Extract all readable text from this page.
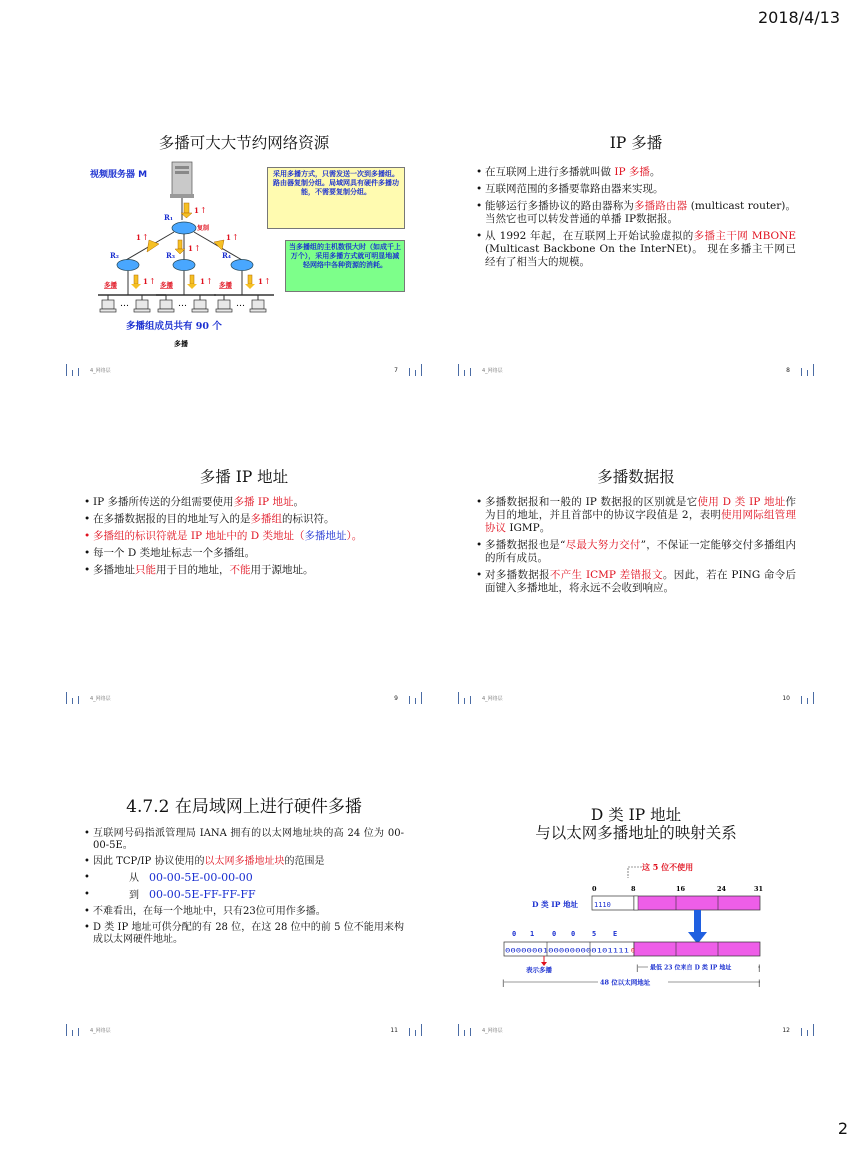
2018/4/13
多播可大大节约网络资源
视频服务器 M
R₁
复制
1 ↑
1 ↑
1 ↑
1 ↑
R₂	R₃	R₄
1 ↑	1 ↑	1 ↑
多播	多播	多播
…	…	…
多播组成员共有 90 个
多播
采用多播方式，只需发送一次到多播组。路由器复制分组。局域网具有硬件多播功能，不需要复制分组。
当多播组的主机数很大时（如成千上万个），采用多播方式就可明显地减轻网络中各种资源的消耗。
4_网络层	7
IP 多播
• 在互联网上进行多播就叫做 IP 多播。
• 互联网范围的多播要靠路由器来实现。
• 能够运行多播协议的路由器称为多播路由器 (multicast router)。当然它也可以转发普通的单播 IP数据报。
• 从 1992 年起，在互联网上开始试验虚拟的多播主干网 MBONE (Multicast Backbone On the InterNEt)。 现在多播主干网已经有了相当大的规模。
4_网络层	8
多播 IP 地址
• IP 多播所传送的分组需要使用多播 IP 地址。
• 在多播数据报的目的地址写入的是多播组的标识符。
• 多播组的标识符就是 IP 地址中的 D 类地址（多播地址）。
• 每一个 D 类地址标志一个多播组。
• 多播地址只能用于目的地址，不能用于源地址。
4_网络层	9
多播数据报
• 多播数据报和一般的 IP 数据报的区别就是它使用 D 类 IP 地址作为目的地址，并且首部中的协议字段值是 2，表明使用网际组管理协议 IGMP。
• 多播数据报也是“尽最大努力交付”，不保证一定能够交付多播组内的所有成员。
• 对多播数据报不产生 ICMP 差错报文。因此，若在 PING 命令后面键入多播地址，将永远不会收到响应。
4_网络层	10
4.7.2 在局域网上进行硬件多播
• 互联网号码指派管理局 IANA 拥有的以太网地址块的高 24 位为 00-00-5E。
• 因此 TCP/IP 协议使用的以太网多播地址块的范围是
• 从 00-00-5E-00-00-00
• 到 00-00-5E-FF-FF-FF
• 不难看出，在每一个地址中，只有23位可用作多播。
• D 类 IP 地址可供分配的有 28 位，在这 28 位中的前 5 位不能用来构成以太网硬件地址。
4_网络层	11
D 类 IP 地址
与以太网多播地址的映射关系
这 5 位不使用
0	8	16	24	31
D 类 IP 地址 1110
0 1	0 0 5 E
00000001000000000101111 0
表示多播	最低 23 位来自 D 类 IP 地址
|	|
48 位以太网地址
|	|
4_网络层	12
2
